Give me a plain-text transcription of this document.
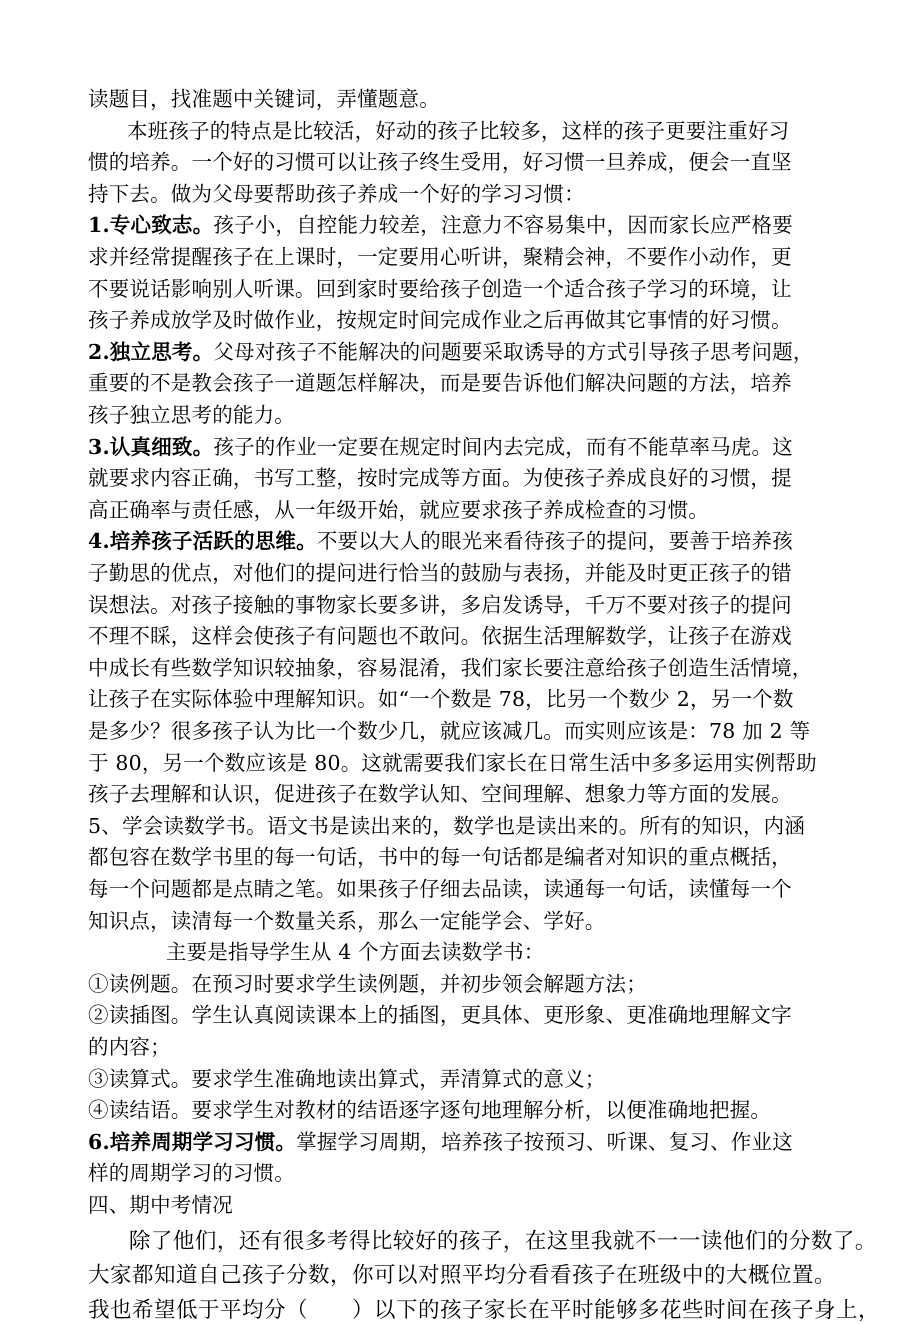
读题目，找准题中关键词，弄懂题意。
本班孩子的特点是比较活，好动的孩子比较多，这样的孩子更要注重好习
惯的培养。一个好的习惯可以让孩子终生受用，好习惯一旦养成，便会一直坚
持下去。做为父母要帮助孩子养成一个好的学习习惯：
1.专心致志。孩子小，自控能力较差，注意力不容易集中，因而家长应严格要
求并经常提醒孩子在上课时，一定要用心听讲，聚精会神，不要作小动作，更
不要说话影响别人听课。回到家时要给孩子创造一个适合孩子学习的环境，让
孩子养成放学及时做作业，按规定时间完成作业之后再做其它事情的好习惯。
2.独立思考。父母对孩子不能解决的问题要采取诱导的方式引导孩子思考问题，
重要的不是教会孩子一道题怎样解决，而是要告诉他们解决问题的方法，培养
孩子独立思考的能力。
3.认真细致。孩子的作业一定要在规定时间内去完成，而有不能草率马虎。这
就要求内容正确，书写工整，按时完成等方面。为使孩子养成良好的习惯，提
高正确率与责任感，从一年级开始，就应要求孩子养成检查的习惯。
4.培养孩子活跃的思维。不要以大人的眼光来看待孩子的提问，要善于培养孩
子勤思的优点，对他们的提问进行恰当的鼓励与表扬，并能及时更正孩子的错
误想法。对孩子接触的事物家长要多讲，多启发诱导，千万不要对孩子的提问
不理不睬，这样会使孩子有问题也不敢问。依据生活理解数学，让孩子在游戏
中成长有些数学知识较抽象，容易混淆，我们家长要注意给孩子创造生活情境，
让孩子在实际体验中理解知识。如“一个数是 78，比另一个数少 2，另一个数
是多少？很多孩子认为比一个数少几，就应该减几。而实则应该是：78 加 2 等
于 80，另一个数应该是 80。这就需要我们家长在日常生活中多多运用实例帮助
孩子去理解和认识，促进孩子在数学认知、空间理解、想象力等方面的发展。
5、学会读数学书。语文书是读出来的，数学也是读出来的。所有的知识，内涵
都包容在数学书里的每一句话，书中的每一句话都是编者对知识的重点概括，
每一个问题都是点睛之笔。如果孩子仔细去品读，读通每一句话，读懂每一个
知识点，读清每一个数量关系，那么一定能学会、学好。
主要是指导学生从 4 个方面去读数学书：
①读例题。在预习时要求学生读例题，并初步领会解题方法；
②读插图。学生认真阅读课本上的插图，更具体、更形象、更准确地理解文字
的内容；
③读算式。要求学生准确地读出算式，弄清算式的意义；
④读结语。要求学生对教材的结语逐字逐句地理解分析，以便准确地把握。
6.培养周期学习习惯。掌握学习周期，培养孩子按预习、听课、复习、作业这
样的周期学习的习惯。
四、期中考情况
除了他们，还有很多考得比较好的孩子，在这里我就不一一读他们的分数了。
大家都知道自己孩子分数，你可以对照平均分看看孩子在班级中的大概位置。
我也希望低于平均分（　　）以下的孩子家长在平时能够多花些时间在孩子身上，
